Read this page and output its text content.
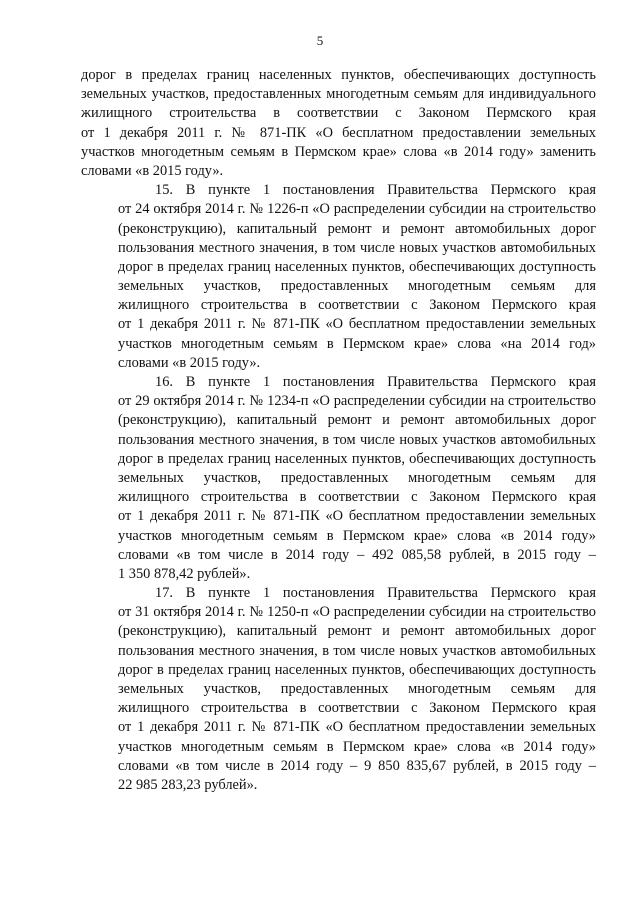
5
дорог в пределах границ населенных пунктов, обеспечивающих доступность
земельных участков, предоставленных многодетным семьям для индивидуального
жилищного строительства в соответствии с Законом Пермского края
от 1 декабря 2011 г. № 871-ПК «О бесплатном предоставлении земельных
участков многодетным семьям в Пермском крае» слова «в 2014 году» заменить
словами «в 2015 году».
15. В пункте 1 постановления Правительства Пермского края
от 24 октября 2014 г. № 1226-п «О распределении субсидии на строительство
(реконструкцию), капитальный ремонт и ремонт автомобильных дорог
пользования местного значения, в том числе новых участков автомобильных
дорог в пределах границ населенных пунктов, обеспечивающих доступность
земельных участков, предоставленных многодетным семьям для
жилищного строительства в соответствии с Законом Пермского края
от 1 декабря 2011 г. № 871-ПК «О бесплатном предоставлении земельных
участков многодетным семьям в Пермском крае» слова «на 2014 год»
словами «в 2015 году».
16. В пункте 1 постановления Правительства Пермского края
от 29 октября 2014 г. № 1234-п «О распределении субсидии на строительство
(реконструкцию), капитальный ремонт и ремонт автомобильных дорог
пользования местного значения, в том числе новых участков автомобильных
дорог в пределах границ населенных пунктов, обеспечивающих доступность
земельных участков, предоставленных многодетным семьям для
жилищного строительства в соответствии с Законом Пермского края
от 1 декабря 2011 г. № 871-ПК «О бесплатном предоставлении земельных
участков многодетным семьям в Пермском крае» слова «в 2014 году»
словами «в том числе в 2014 году – 492 085,58 рублей, в 2015 году –
1 350 878,42 рублей».
17. В пункте 1 постановления Правительства Пермского края
от 31 октября 2014 г. № 1250-п «О распределении субсидии на строительство
(реконструкцию), капитальный ремонт и ремонт автомобильных дорог
пользования местного значения, в том числе новых участков автомобильных
дорог в пределах границ населенных пунктов, обеспечивающих доступность
земельных участков, предоставленных многодетным семьям для
жилищного строительства в соответствии с Законом Пермского края
от 1 декабря 2011 г. № 871-ПК «О бесплатном предоставлении земельных
участков многодетным семьям в Пермском крае» слова «в 2014 году»
словами «в том числе в 2014 году – 9 850 835,67 рублей, в 2015 году –
22 985 283,23 рублей».
